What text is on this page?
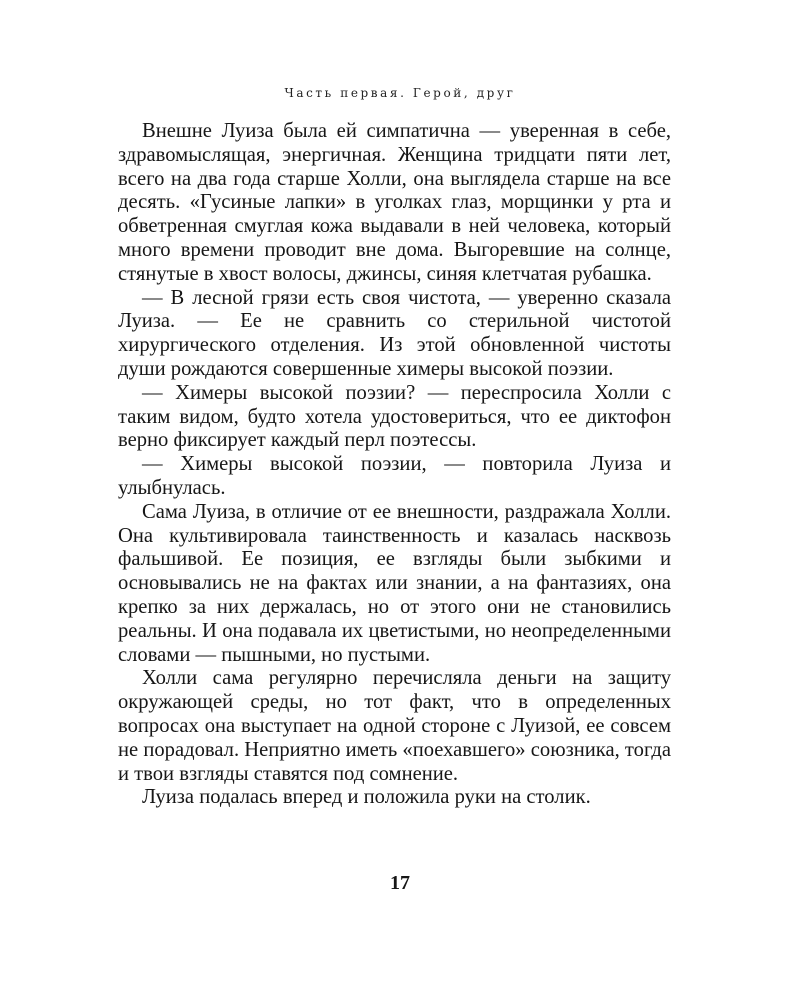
Часть первая. Герой, друг

Внешне Луиза была ей симпатична — уверенная в себе, здравомыслящая, энергичная. Женщина тридцати пяти лет, всего на два года старше Холли, она выглядела старше на все десять. «Гусиные лапки» в уголках глаз, морщинки у рта и обветренная смуглая кожа выдавали в ней человека, который много времени проводит вне дома. Выгоревшие на солнце, стянутые в хвост волосы, джинсы, синяя клетчатая рубашка.

— В лесной грязи есть своя чистота, — уверенно сказала Луиза. — Ее не сравнить со стерильной чистотой хирургического отделения. Из этой обновленной чистоты души рождаются совершенные химеры высокой поэзии.

— Химеры высокой поэзии? — переспросила Холли с таким видом, будто хотела удостовериться, что ее диктофон верно фиксирует каждый перл поэтессы.

— Химеры высокой поэзии, — повторила Луиза и улыбнулась.

Сама Луиза, в отличие от ее внешности, раздражала Холли. Она культивировала таинственность и казалась насквозь фальшивой. Ее позиция, ее взгляды были зыбкими и основывались не на фактах или знании, а на фантазиях, она крепко за них держалась, но от этого они не становились реальны. И она подавала их цветистыми, но неопределенными словами — пышными, но пустыми.

Холли сама регулярно перечисляла деньги на защиту окружающей среды, но тот факт, что в определенных вопросах она выступает на одной стороне с Луизой, ее совсем не порадовал. Неприятно иметь «поехавшего» союзника, тогда и твои взгляды ставятся под сомнение.

Луиза подалась вперед и положила руки на столик.

17
